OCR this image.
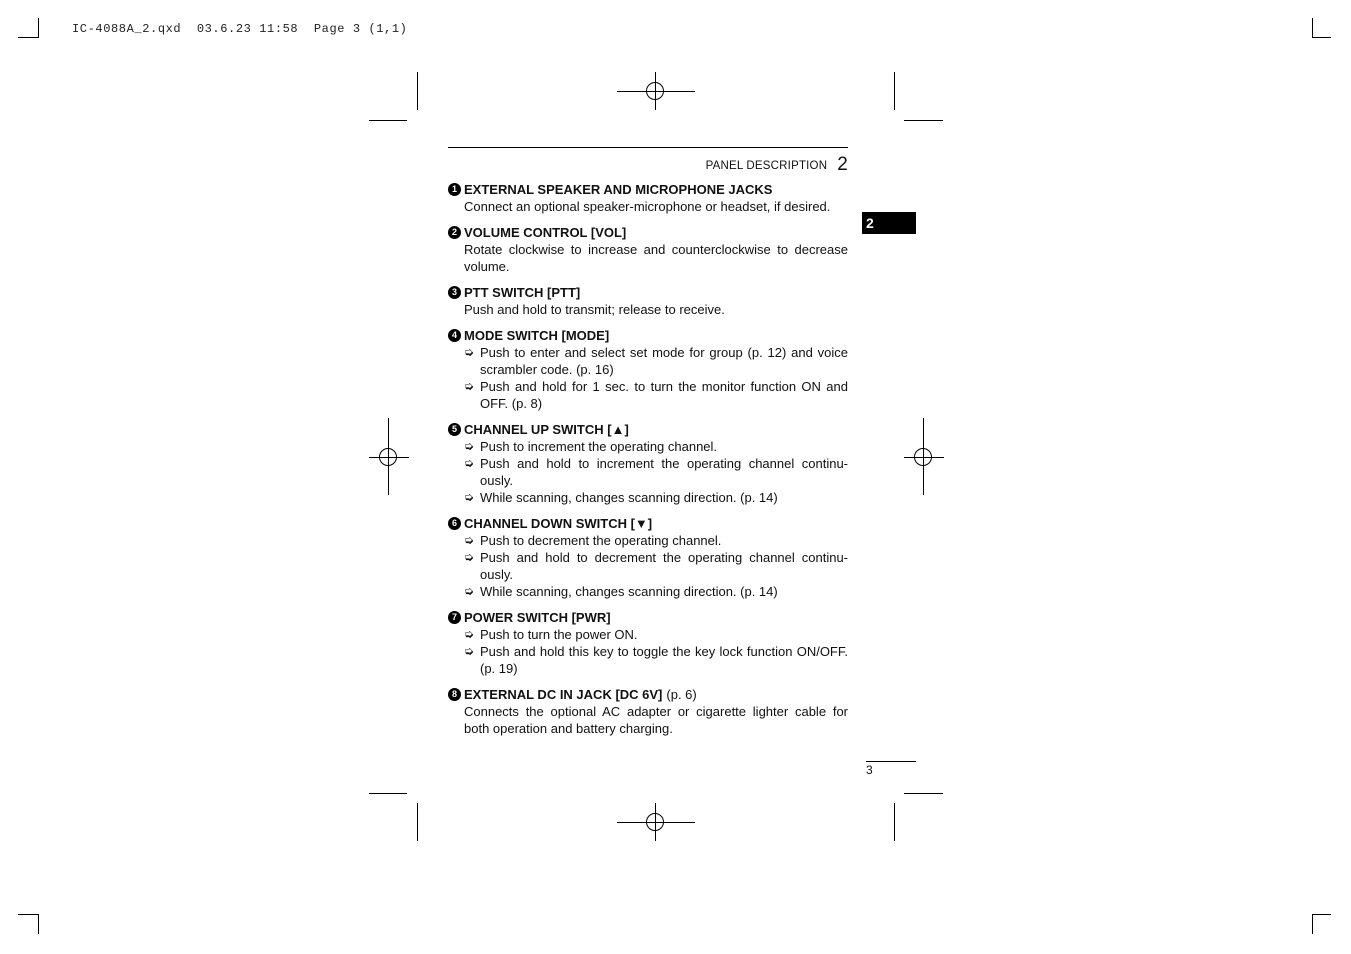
IC-4088A_2.qxd  03.6.23 11:58  Page 3 (1,1)
PANEL DESCRIPTION 2
2
1 EXTERNAL SPEAKER AND MICROPHONE JACKS
Connect an optional speaker-microphone or headset, if desired.
2 VOLUME CONTROL [VOL]
Rotate clockwise to increase and counterclockwise to decrease volume.
3 PTT SWITCH [PTT]
Push and hold to transmit; release to receive.
4 MODE SWITCH [MODE]
➭ Push to enter and select set mode for group (p. 12) and voice scrambler code. (p. 16)
➭ Push and hold for 1 sec. to turn the monitor function ON and OFF. (p. 8)
5 CHANNEL UP SWITCH [▲]
➭ Push to increment the operating channel.
➭ Push and hold to increment the operating channel continu-ously.
➭ While scanning, changes scanning direction. (p. 14)
6 CHANNEL DOWN SWITCH [▼]
➭ Push to decrement the operating channel.
➭ Push and hold to decrement the operating channel continu-ously.
➭ While scanning, changes scanning direction. (p. 14)
7 POWER SWITCH [PWR]
➭ Push to turn the power ON.
➭ Push and hold this key to toggle the key lock function ON/OFF. (p. 19)
8 EXTERNAL DC IN JACK [DC 6V] (p. 6)
Connects the optional AC adapter or cigarette lighter cable for both operation and battery charging.
3
